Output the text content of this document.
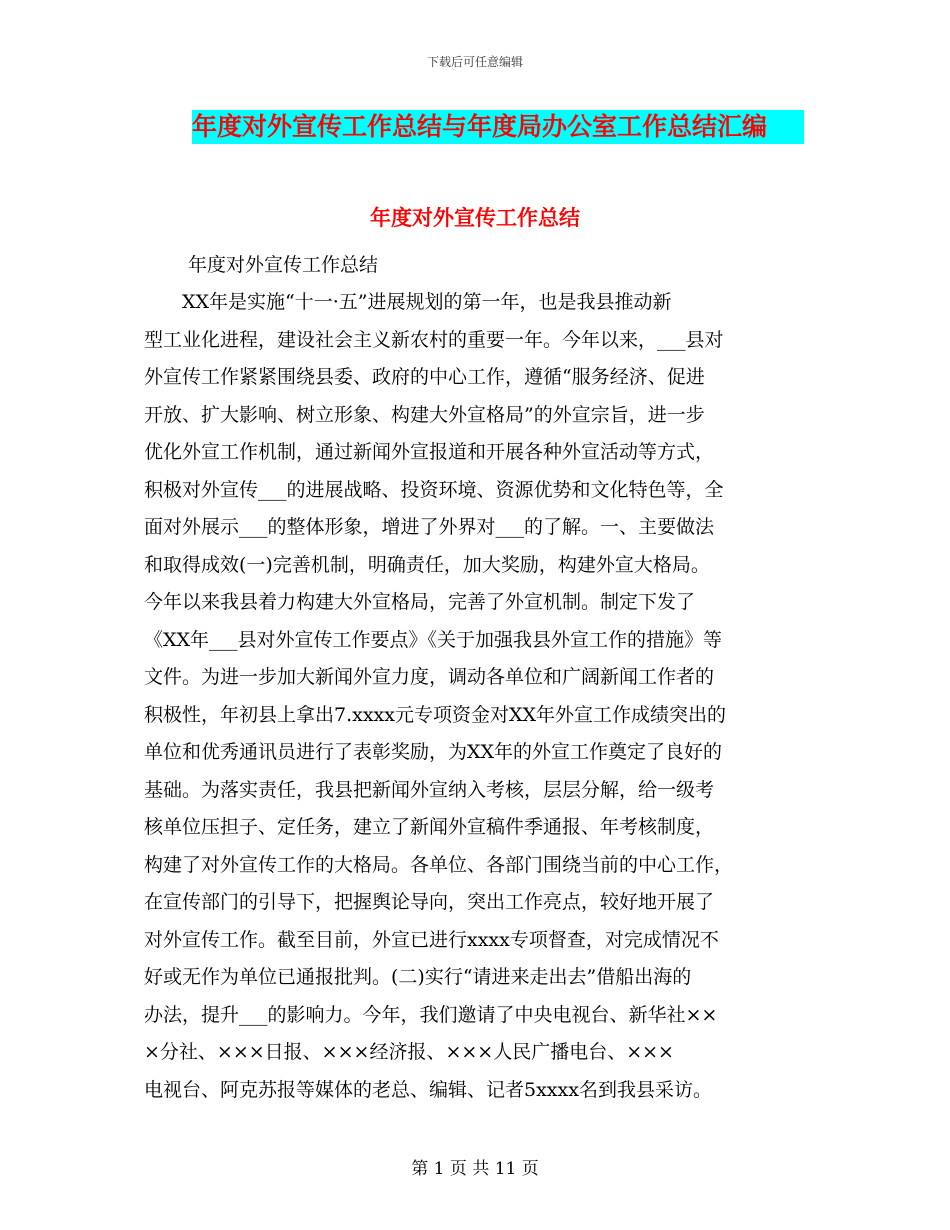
下载后可任意编辑
年度对外宣传工作总结与年度局办公室工作总结汇编
年度对外宣传工作总结
年度对外宣传工作总结
　　XX年是实施“十一·五”进展规划的第一年，也是我县推动新
型工业化进程，建设社会主义新农村的重要一年。今年以来，___县对
外宣传工作紧紧围绕县委、政府的中心工作，遵循“服务经济、促进
开放、扩大影响、树立形象、构建大外宣格局”的外宣宗旨，进一步
优化外宣工作机制，通过新闻外宣报道和开展各种外宣活动等方式，
积极对外宣传___的进展战略、投资环境、资源优势和文化特色等，全
面对外展示___的整体形象，增进了外界对___的了解。一、主要做法
和取得成效(一)完善机制，明确责任，加大奖励，构建外宣大格局。
今年以来我县着力构建大外宣格局，完善了外宣机制。制定下发了
《XX年___县对外宣传工作要点》《关于加强我县外宣工作的措施》等
文件。为进一步加大新闻外宣力度，调动各单位和广阔新闻工作者的
积极性，年初县上拿出7.xxxx元专项资金对XX年外宣工作成绩突出的
单位和优秀通讯员进行了表彰奖励，为XX年的外宣工作奠定了良好的
基础。为落实责任，我县把新闻外宣纳入考核，层层分解，给一级考
核单位压担子、定任务，建立了新闻外宣稿件季通报、年考核制度，
构建了对外宣传工作的大格局。各单位、各部门围绕当前的中心工作，
在宣传部门的引导下，把握舆论导向，突出工作亮点，较好地开展了
对外宣传工作。截至目前，外宣已进行xxxx专项督查，对完成情况不
好或无作为单位已通报批判。(二)实行“请进来走出去”借船出海的
办法，提升___的影响力。今年，我们邀请了中央电视台、新华社××
×分社、×××日报、×××经济报、×××人民广播电台、×××
电视台、阿克苏报等媒体的老总、编辑、记者5xxxx名到我县采访。
第 1 页 共 11 页
